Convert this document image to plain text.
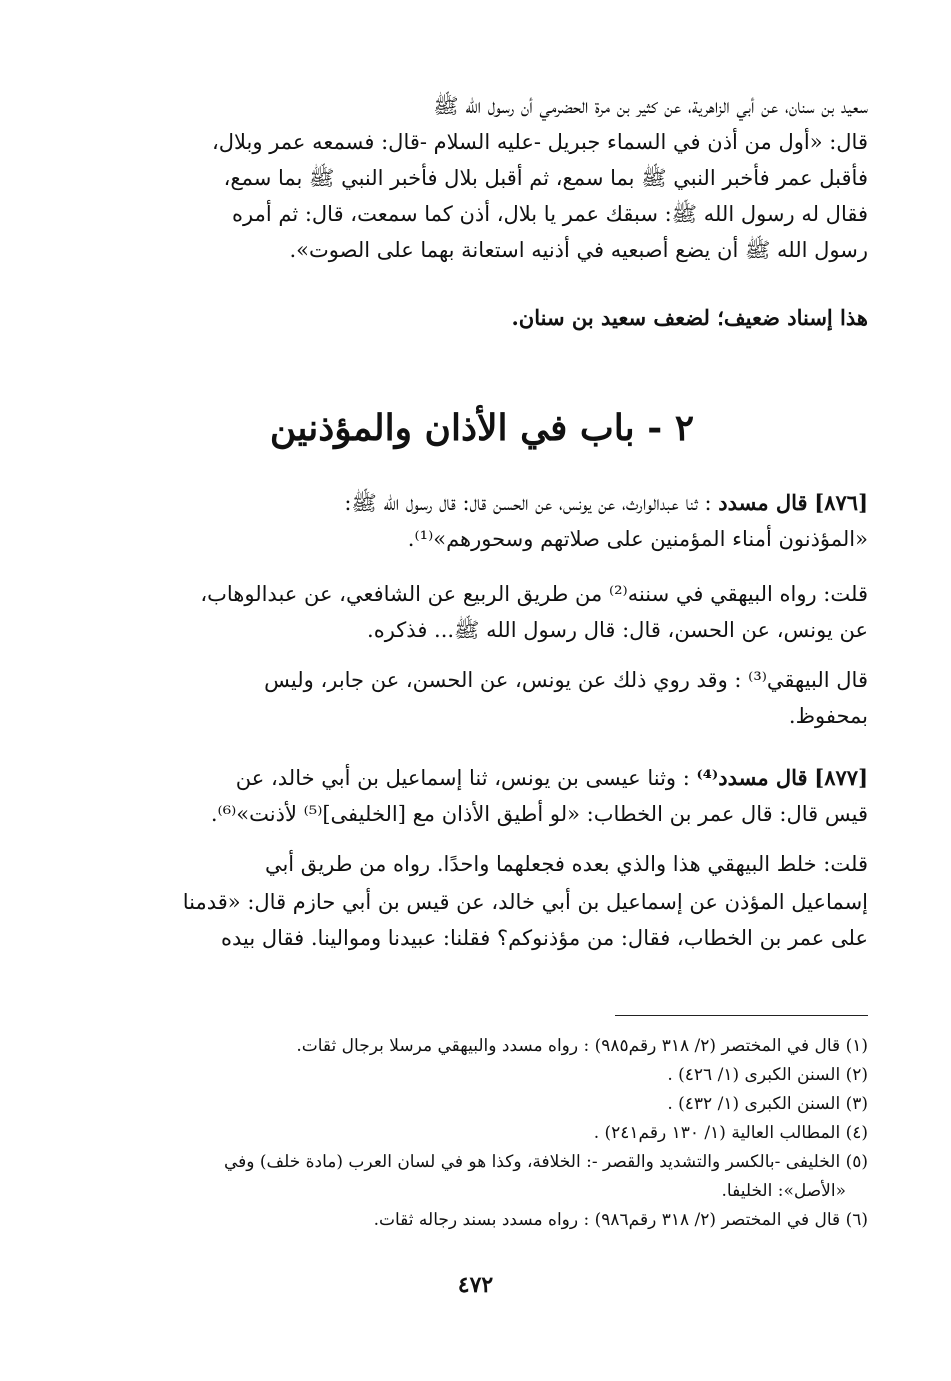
سعيد بن سنان، عن أبي الزاهرية، عن كثير بن مرة الحضرمي أن رسول الله ﷺ
قال: «أول من أذن في السماء جبريل -عليه السلام -قال: فسمعه عمر وبلال،
فأقبل عمر فأخبر النبي ﷺ بما سمع، ثم أقبل بلال فأخبر النبي ﷺ بما سمع،
فقال له رسول الله ﷺ: سبقك عمر يا بلال، أذن كما سمعت، قال: ثم أمره
رسول الله ﷺ أن يضع أصبعيه في أذنيه استعانة بهما على الصوت».
هذا إسناد ضعيف؛ لضعف سعيد بن سنان.
٢ - باب في الأذان والمؤذنين
[٨٧٦] قال مسدد : ثنا عبدالوارث، عن يونس، عن الحسن قال: قال رسول الله ﷺ:
«المؤذنون أمناء المؤمنين على صلاتهم وسحورهم»⁽¹⁾.
قلت: رواه البيهقي في سننه⁽²⁾ من طريق الربيع عن الشافعي، عن عبدالوهاب،
عن يونس، عن الحسن، قال: قال رسول الله ﷺ... فذكره.
قال البيهقي⁽³⁾ : وقد روي ذلك عن يونس، عن الحسن، عن جابر، وليس
بمحفوظ.
[٨٧٧] قال مسدد⁽⁴⁾ : وثنا عيسى بن يونس، ثنا إسماعيل بن أبي خالد، عن
قيس قال: قال عمر بن الخطاب: «لو أطيق الأذان مع [الخليفى]⁽⁵⁾ لأذنت»⁽⁶⁾.
قلت: خلط البيهقي هذا والذي بعده فجعلهما واحدًا. رواه من طريق أبي
إسماعيل المؤذن عن إسماعيل بن أبي خالد، عن قيس بن أبي حازم قال: «قدمنا
على عمر بن الخطاب، فقال: من مؤذنوكم؟ فقلنا: عبيدنا وموالينا. فقال بيده
(١) قال في المختصر (٢/ ٣١٨ رقم٩٨٥) : رواه مسدد والبيهقي مرسلا برجال ثقات.
(٢) السنن الكبرى (١/ ٤٢٦) .
(٣) السنن الكبرى (١/ ٤٣٢) .
(٤) المطالب العالية (١/ ١٣٠ رقم٢٤١) .
(٥) الخليفى -بالكسر والتشديد والقصر -: الخلافة، وكذا هو في لسان العرب (مادة خلف) وفي
«الأصل»: الخليفا.
(٦) قال في المختصر (٢/ ٣١٨ رقم٩٨٦) : رواه مسدد بسند رجاله ثقات.
٤٧٢
